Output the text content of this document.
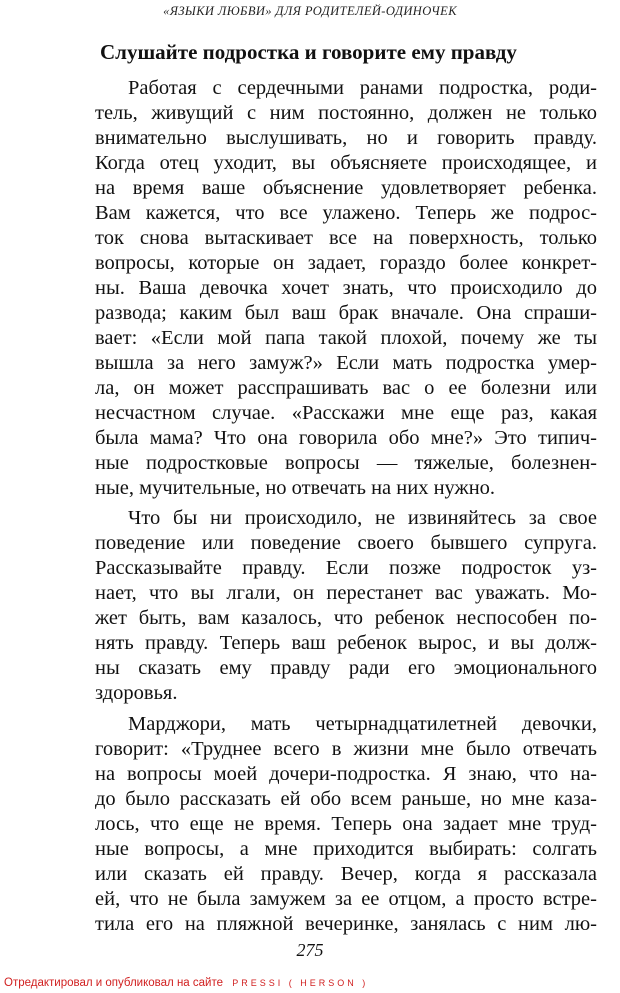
«ЯЗЫКИ ЛЮБВИ» ДЛЯ РОДИТЕЛЕЙ-ОДИНОЧЕК
Слушайте подростка и говорите ему правду
Работая с сердечными ранами подростка, роди-
тель, живущий с ним постоянно, должен не только
внимательно выслушивать, но и говорить правду.
Когда отец уходит, вы объясняете происходящее, и
на время ваше объяснение удовлетворяет ребенка.
Вам кажется, что все улажено. Теперь же подрос-
ток снова вытаскивает все на поверхность, только
вопросы, которые он задает, гораздо более конкрет-
ны. Ваша девочка хочет знать, что происходило до
развода; каким был ваш брак вначале. Она спраши-
вает: «Если мой папа такой плохой, почему же ты
вышла за него замуж?» Если мать подростка умер-
ла, он может расспрашивать вас о ее болезни или
несчастном случае. «Расскажи мне еще раз, какая
была мама? Что она говорила обо мне?» Это типич-
ные подростковые вопросы — тяжелые, болезнен-
ные, мучительные, но отвечать на них нужно.
Что бы ни происходило, не извиняйтесь за свое
поведение или поведение своего бывшего супруга.
Рассказывайте правду. Если позже подросток уз-
нает, что вы лгали, он перестанет вас уважать. Мо-
жет быть, вам казалось, что ребенок неспособен по-
нять правду. Теперь ваш ребенок вырос, и вы долж-
ны сказать ему правду ради его эмоционального
здоровья.
Марджори, мать четырнадцатилетней девочки,
говорит: «Труднее всего в жизни мне было отвечать
на вопросы моей дочери-подростка. Я знаю, что на-
до было рассказать ей обо всем раньше, но мне каза-
лось, что еще не время. Теперь она задает мне труд-
ные вопросы, а мне приходится выбирать: солгать
или сказать ей правду. Вечер, когда я рассказала
ей, что не была замужем за ее отцом, а просто встре-
тила его на пляжной вечеринке, занялась с ним лю-
275
Отредактировал и опубликовал на сайте PRESSI ( HERSON )
